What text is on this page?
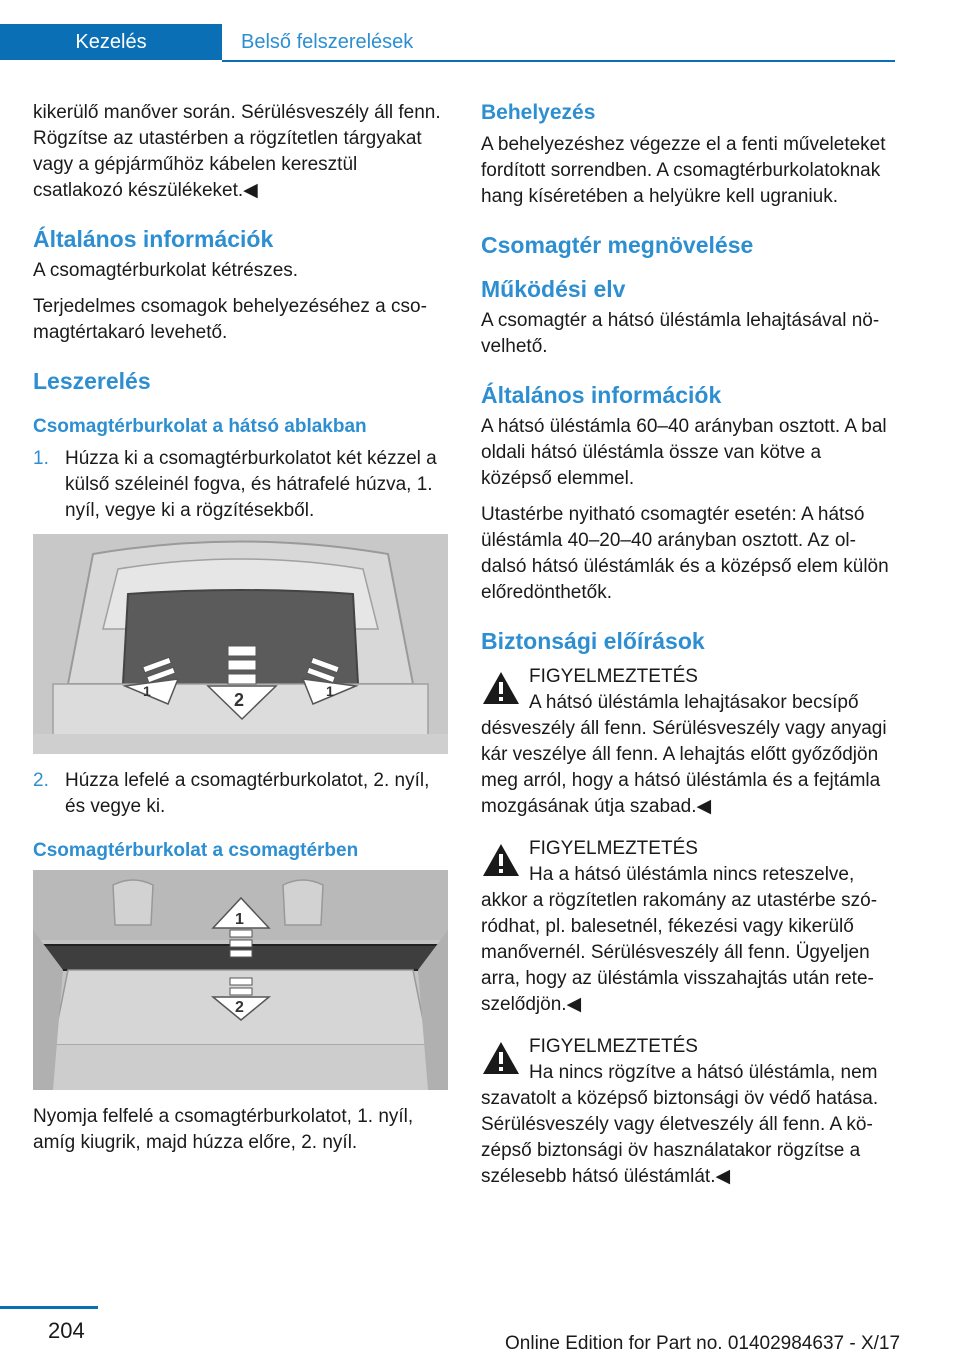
Kezelés	Belső felszerelések

kikerülő manőver során. Sérülésveszély áll fenn. Rögzítse az utastérben a rögzítetlen tárgyakat vagy a gépjárműhöz kábelen keresztül csatlakozó készülékeket.◀

Általános információk

A csomagtérburkolat kétrészes.

Terjedelmes csomagok behelyezéséhez a csomagtértakaró levehető.

Leszerelés
Csomagtérburkolat a hátsó ablakban
1. Húzza ki a csomagtérburkolatot két kézzel a külső széleinél fogva, és hátrafelé húzva, 1. nyíl, vegye ki a rögzítésekből.
1	2	1
2. Húzza lefelé a csomagtérburkolatot, 2. nyíl, és vegye ki.
Csomagtérburkolat a csomagtérben
1
2

Nyomja felfelé a csomagtérburkolatot, 1. nyíl, amíg kiugrik, majd húzza előre, 2. nyíl.

Behelyezés

A behelyezéshez végezze el a fenti műveleteket fordított sorrendben. A csomagtérburkolatoknak hang kíséretében a helyükre kell ugraniuk.

Csomagtér megnövelése
Működési elv

A csomagtér a hátsó üléstámla lehajtásával növelhető.

Általános információk

A hátsó üléstámla 60–40 arányban osztott. A bal oldali hátsó üléstámla össze van kötve a középső elemmel.

Utastérbe nyitható csomagtér esetén: A hátsó üléstámla 40–20–40 arányban osztott. Az oldalsó hátsó üléstámlák és a középső elem külön előredönthetők.

Biztonsági előírások
FIGYELMEZTETÉS
A hátsó üléstámla lehajtásakor becsípő
désveszély áll fenn. Sérülésveszély vagy anyagi kár veszélye áll fenn. A lehajtás előtt győződjön meg arról, hogy a hátsó üléstámla és a fejtámla mozgásának útja szabad.◀
FIGYELMEZTETÉS
Ha a hátsó üléstámla nincs reteszelve,
akkor a rögzítetlen rakomány az utastérbe szóródhat, pl. balesetnél, fékezési vagy kikerülő manővernél. Sérülésveszély áll fenn. Ügyeljen arra, hogy az üléstámla visszahajtás után reteszelődjön.◀
FIGYELMEZTETÉS
Ha nincs rögzítve a hátsó üléstámla, nem
szavatolt a középső biztonsági öv védő hatása. Sérülésveszély vagy életveszély áll fenn. A középső biztonsági öv használatakor rögzítse a szélesebb hátsó üléstámlát.◀
204
Online Edition for Part no. 01402984637 - X/17
